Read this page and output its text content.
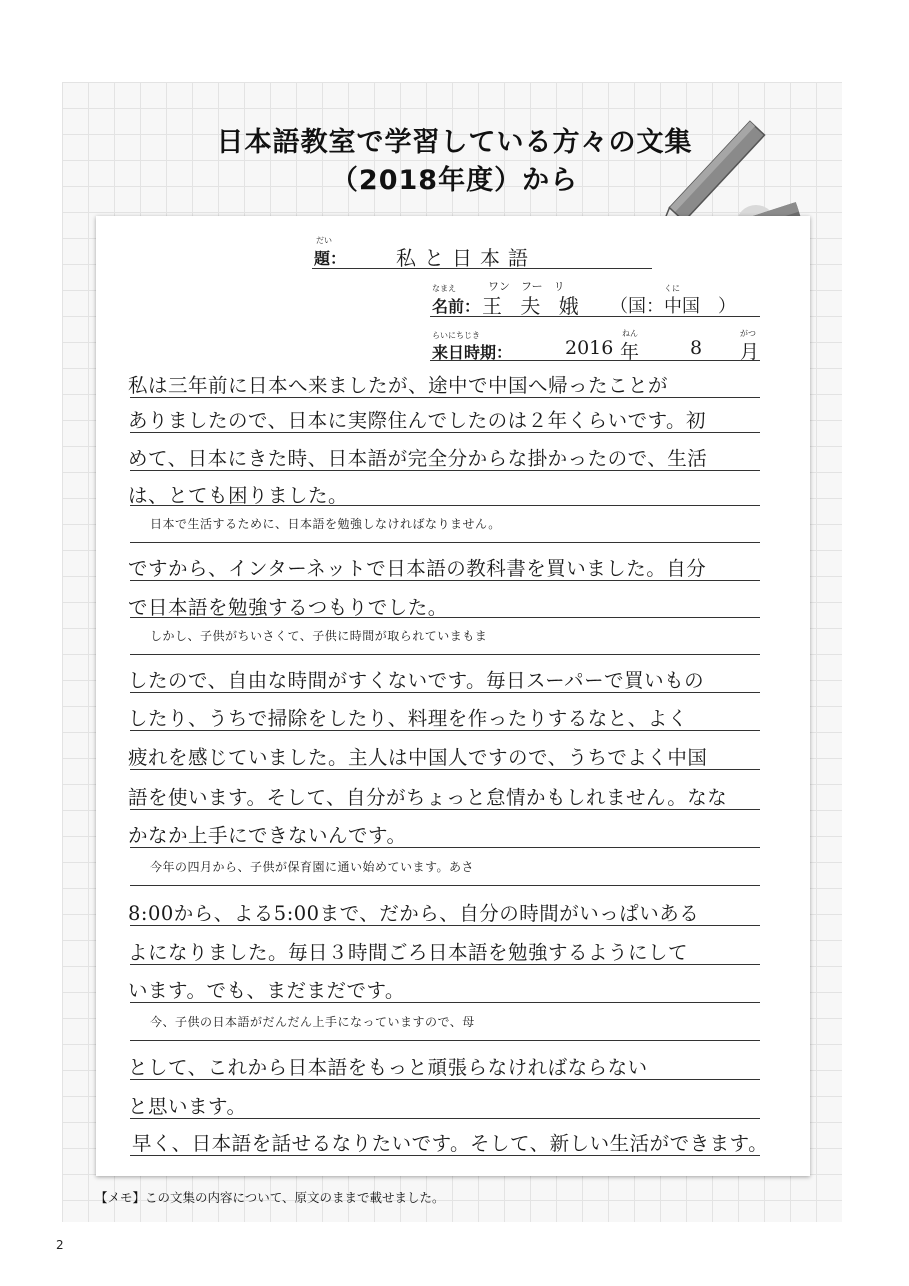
日本語教室で学習している方々の文集
（2018年度）から
だい
題： 私と日本語
なまえ	ワン　フー　リ
名前： 王 夫 娥
くに
（国：中国　）
らいにちじき
来日時期：	2016
ねん
年	8
がつ
月
私は三年前に日本へ来ましたが、途中で中国へ帰ったことが
ありましたので、日本に実際住んでしたのは２年くらいです。初
めて、日本にきた時、日本語が完全分からな掛かったので、生活
は、とても困りました。
日本で生活するために、日本語を勉強しなければなりません。
ですから、インターネットで日本語の教科書を買いました。自分
で日本語を勉強するつもりでした。
しかし、子供がちいさくて、子供に時間が取られていまもま
したので、自由な時間がすくないです。毎日スーパーで買いもの
したり、うちで掃除をしたり、料理を作ったりするなと、よく
疲れを感じていました。主人は中国人ですので、うちでよく中国
語を使います。そして、自分がちょっと怠情かもしれません。なな
かなか上手にできないんです。
今年の四月から、子供が保育園に通い始めています。あさ
8:00から、よる5:00まで、だから、自分の時間がいっぱいある
よになりました。毎日３時間ごろ日本語を勉強するようにして
います。でも、まだまだです。
今、子供の日本語がだんだん上手になっていますので、母
として、これから日本語をもっと頑張らなければならない
と思います。
早く、日本語を話せるなりたいです。そして、新しい生活ができます。
【メモ】この文集の内容について、原文のままで載せました。
2
